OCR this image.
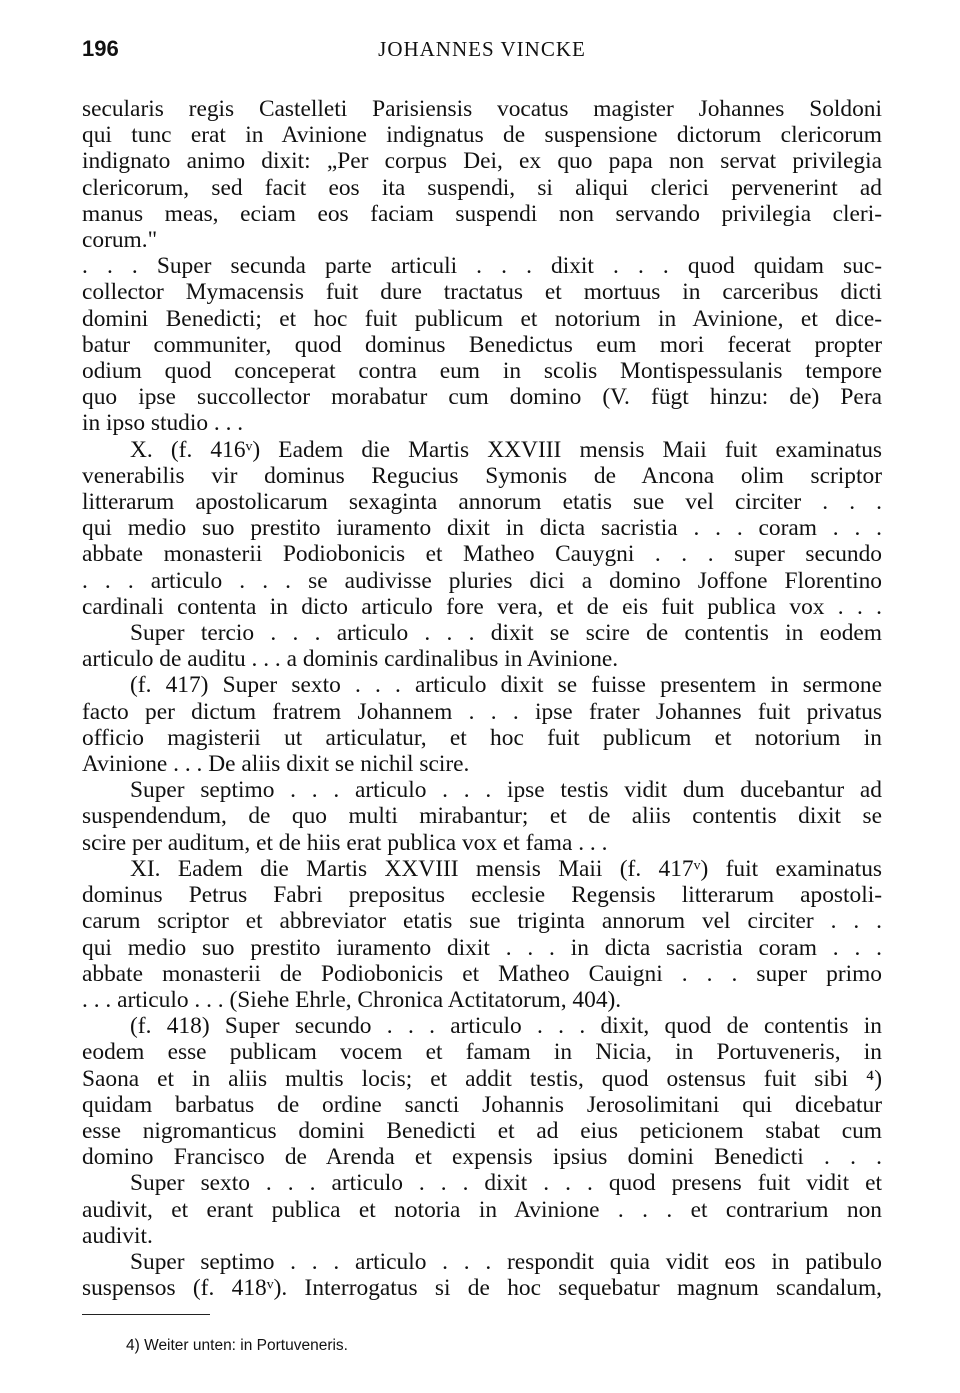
196	JOHANNES VINCKE
secularis regis Castelleti Parisiensis vocatus magister Johannes Soldoni
qui tunc erat in Avinione indignatus de suspensione dictorum clericorum
indignato animo dixit: „Per corpus Dei, ex quo papa non servat privilegia
clericorum, sed facit eos ita suspendi, si aliqui clerici pervenerint ad
manus meas, eciam eos faciam suspendi non servando privilegia cleri-
corum."
. . . Super secunda parte articuli . . . dixit . . . quod quidam suc-
collector Mymacensis fuit dure tractatus et mortuus in carceribus dicti
domini Benedicti; et hoc fuit publicum et notorium in Avinione, et dice-
batur communiter, quod dominus Benedictus eum mori fecerat propter
odium quod conceperat contra eum in scolis Montispessulanis tempore
quo ipse succollector morabatur cum domino (V. fügt hinzu: de) Pera
in ipso studio . . .
X. (f. 416ᵛ) Eadem die Martis XXVIII mensis Maii fuit examinatus
venerabilis vir dominus Regucius Symonis de Ancona olim scriptor
litterarum apostolicarum sexaginta annorum etatis sue vel circiter . . .
qui medio suo prestito iuramento dixit in dicta sacristia . . . coram . . .
abbate monasterii Podiobonicis et Matheo Cauygni . . . super secundo
. . . articulo . . . se audivisse pluries dici a domino Joffone Florentino
cardinali contenta in dicto articulo fore vera, et de eis fuit publica vox . . .
Super tercio . . . articulo . . . dixit se scire de contentis in eodem
articulo de auditu . . . a dominis cardinalibus in Avinione.
(f. 417) Super sexto . . . articulo dixit se fuisse presentem in sermone
facto per dictum fratrem Johannem . . . ipse frater Johannes fuit privatus
officio magisterii ut articulatur, et hoc fuit publicum et notorium in
Avinione . . . De aliis dixit se nichil scire.
Super septimo . . . articulo . . . ipse testis vidit dum ducebantur ad
suspendendum, de quo multi mirabantur; et de aliis contentis dixit se
scire per auditum, et de hiis erat publica vox et fama . . .
XI. Eadem die Martis XXVIII mensis Maii (f. 417ᵛ) fuit examinatus
dominus Petrus Fabri prepositus ecclesie Regensis litterarum apostoli-
carum scriptor et abbreviator etatis sue triginta annorum vel circiter . . .
qui medio suo prestito iuramento dixit . . . in dicta sacristia coram . . .
abbate monasterii de Podiobonicis et Matheo Cauigni . . . super primo
. . . articulo . . . (Siehe Ehrle, Chronica Actitatorum, 404).
(f. 418) Super secundo . . . articulo . . . dixit, quod de contentis in
eodem esse publicam vocem et famam in Nicia, in Portuveneris, in
Saona et in aliis multis locis; et addit testis, quod ostensus fuit sibi ⁴)
quidam barbatus de ordine sancti Johannis Jerosolimitani qui dicebatur
esse nigromanticus domini Benedicti et ad eius peticionem stabat cum
domino Francisco de Arenda et expensis ipsius domini Benedicti . . .
Super sexto . . . articulo . . . dixit . . . quod presens fuit vidit et
audivit, et erant publica et notoria in Avinione . . . et contrarium non
audivit.
Super septimo . . . articulo . . . respondit quia vidit eos in patibulo
suspensos (f. 418ᵛ). Interrogatus si de hoc sequebatur magnum scandalum,
4) Weiter unten: in Portuveneris.
